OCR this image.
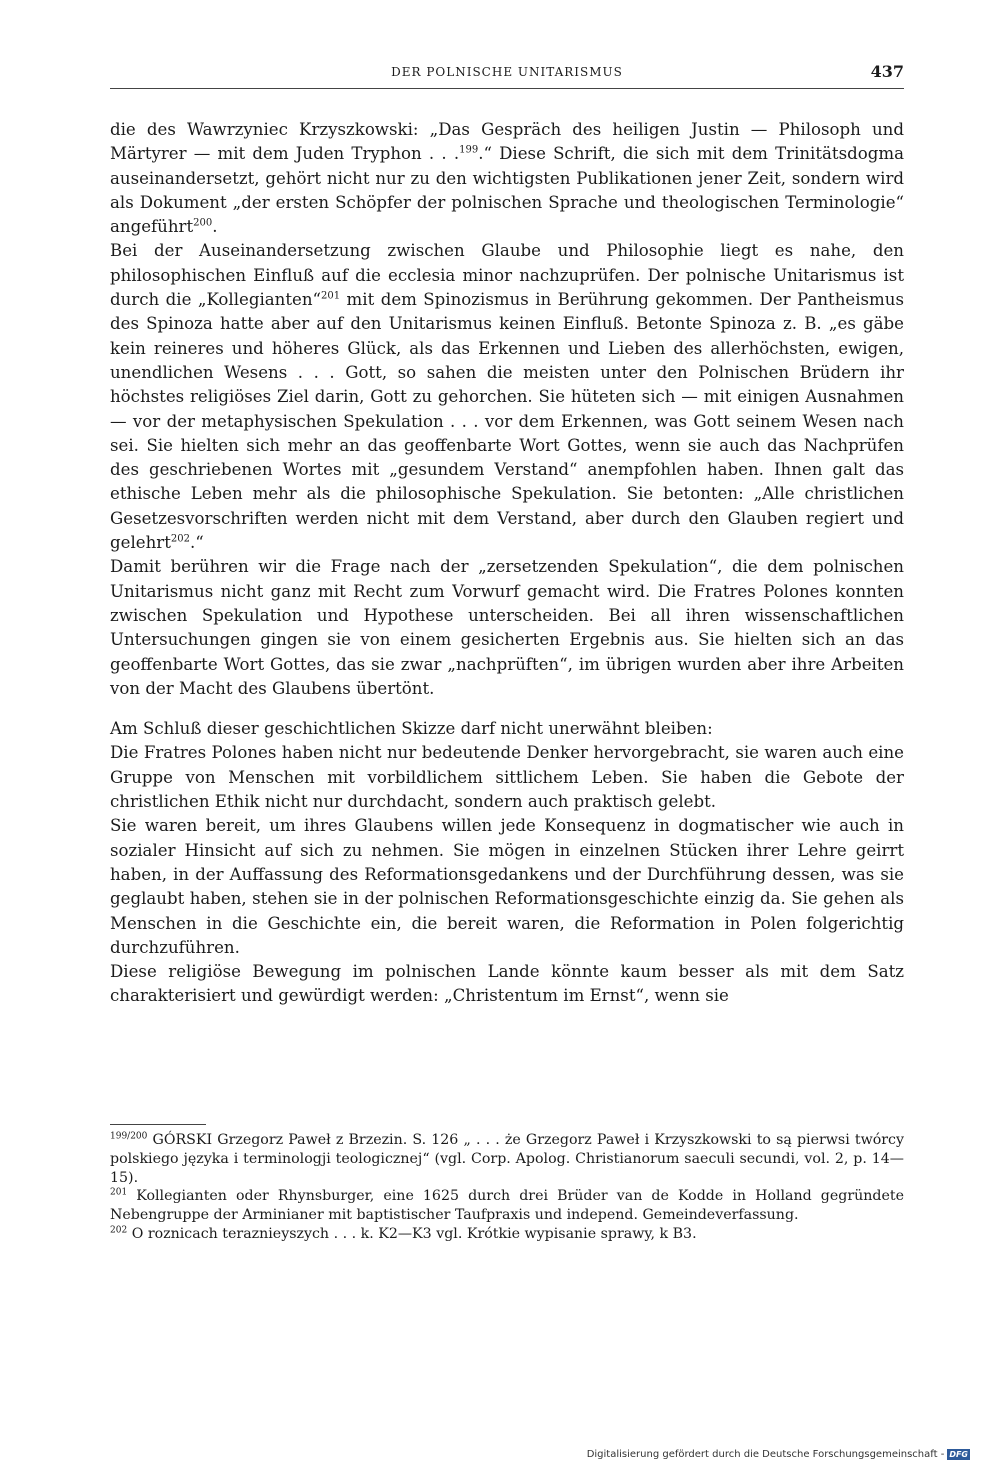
DER POLNISCHE UNITARISMUS	437

die des Wawrzyniec Krzyszkowski: „Das Gespräch des heiligen Justin — Philosoph und Märtyrer — mit dem Juden Tryphon . . .$^{199}$.“ Diese Schrift, die sich mit dem Trinitätsdogma auseinandersetzt, gehört nicht nur zu den wichtigsten Publikationen jener Zeit, sondern wird als Dokument „der ersten Schöpfer der polnischen Sprache und theologischen Terminologie“ angeführt$^{200}$.

Bei der Auseinandersetzung zwischen Glaube und Philosophie liegt es nahe, den philosophischen Einfluß auf die ecclesia minor nachzuprüfen. Der polnische Unitarismus ist durch die „Kollegianten“$^{201}$ mit dem Spinozismus in Berührung gekommen. Der Pantheismus des Spinoza hatte aber auf den Unitarismus keinen Einfluß. Betonte Spinoza z. B. „es gäbe kein reineres und höheres Glück, als das Erkennen und Lieben des allerhöchsten, ewigen, unendlichen Wesens . . . Gott, so sahen die meisten unter den Polnischen Brüdern ihr höchstes religiöses Ziel darin, Gott zu gehorchen. Sie hüteten sich — mit einigen Ausnahmen — vor der metaphysischen Spekulation . . . vor dem Erkennen, was Gott seinem Wesen nach sei. Sie hielten sich mehr an das geoffenbarte Wort Gottes, wenn sie auch das Nachprüfen des geschriebenen Wortes mit „gesundem Verstand“ anempfohlen haben. Ihnen galt das ethische Leben mehr als die philosophische Spekulation. Sie betonten: „Alle christlichen Gesetzesvorschriften werden nicht mit dem Verstand, aber durch den Glauben regiert und gelehrt$^{202}$.“

Damit berühren wir die Frage nach der „zersetzenden Spekulation“, die dem polnischen Unitarismus nicht ganz mit Recht zum Vorwurf gemacht wird. Die Fratres Polones konnten zwischen Spekulation und Hypothese unterscheiden. Bei all ihren wissenschaftlichen Untersuchungen gingen sie von einem gesicherten Ergebnis aus. Sie hielten sich an das geoffenbarte Wort Gottes, das sie zwar „nachprüften“, im übrigen wurden aber ihre Arbeiten von der Macht des Glaubens übertönt.

Am Schluß dieser geschichtlichen Skizze darf nicht unerwähnt bleiben:

Die Fratres Polones haben nicht nur bedeutende Denker hervorgebracht, sie waren auch eine Gruppe von Menschen mit vorbildlichem sittlichem Leben. Sie haben die Gebote der christlichen Ethik nicht nur durchdacht, sondern auch praktisch gelebt.

Sie waren bereit, um ihres Glaubens willen jede Konsequenz in dogmatischer wie auch in sozialer Hinsicht auf sich zu nehmen. Sie mögen in einzelnen Stücken ihrer Lehre geirrt haben, in der Auffassung des Reformationsgedankens und der Durchführung dessen, was sie geglaubt haben, stehen sie in der polnischen Reformationsgeschichte einzig da. Sie gehen als Menschen in die Geschichte ein, die bereit waren, die Reformation in Polen folgerichtig durchzuführen.

Diese religiöse Bewegung im polnischen Lande könnte kaum besser als mit dem Satz charakterisiert und gewürdigt werden: „Christentum im Ernst“, wenn sie

$^{199/200}$ GÓRSKI Grzegorz Paweł z Brzezin. S. 126 „ . . . że Grzegorz Paweł i Krzyszkowski to są pierwsi twórcy polskiego języka i terminologji teologicznej“ (vgl. Corp. Apolog. Christianorum saeculi secundi, vol. 2, p. 14—15).

$^{201}$ Kollegianten oder Rhynsburger, eine 1625 durch drei Brüder van de Kodde in Holland gegründete Nebengruppe der Arminianer mit baptistischer Taufpraxis und independ. Gemeindeverfassung.

$^{202}$ O roznicach teraznieyszych . . . k. K2—K3 vgl. Krótkie wypisanie sprawy, k B3.

Digitalisierung gefördert durch die Deutsche Forschungsgemeinschaft - DFG
